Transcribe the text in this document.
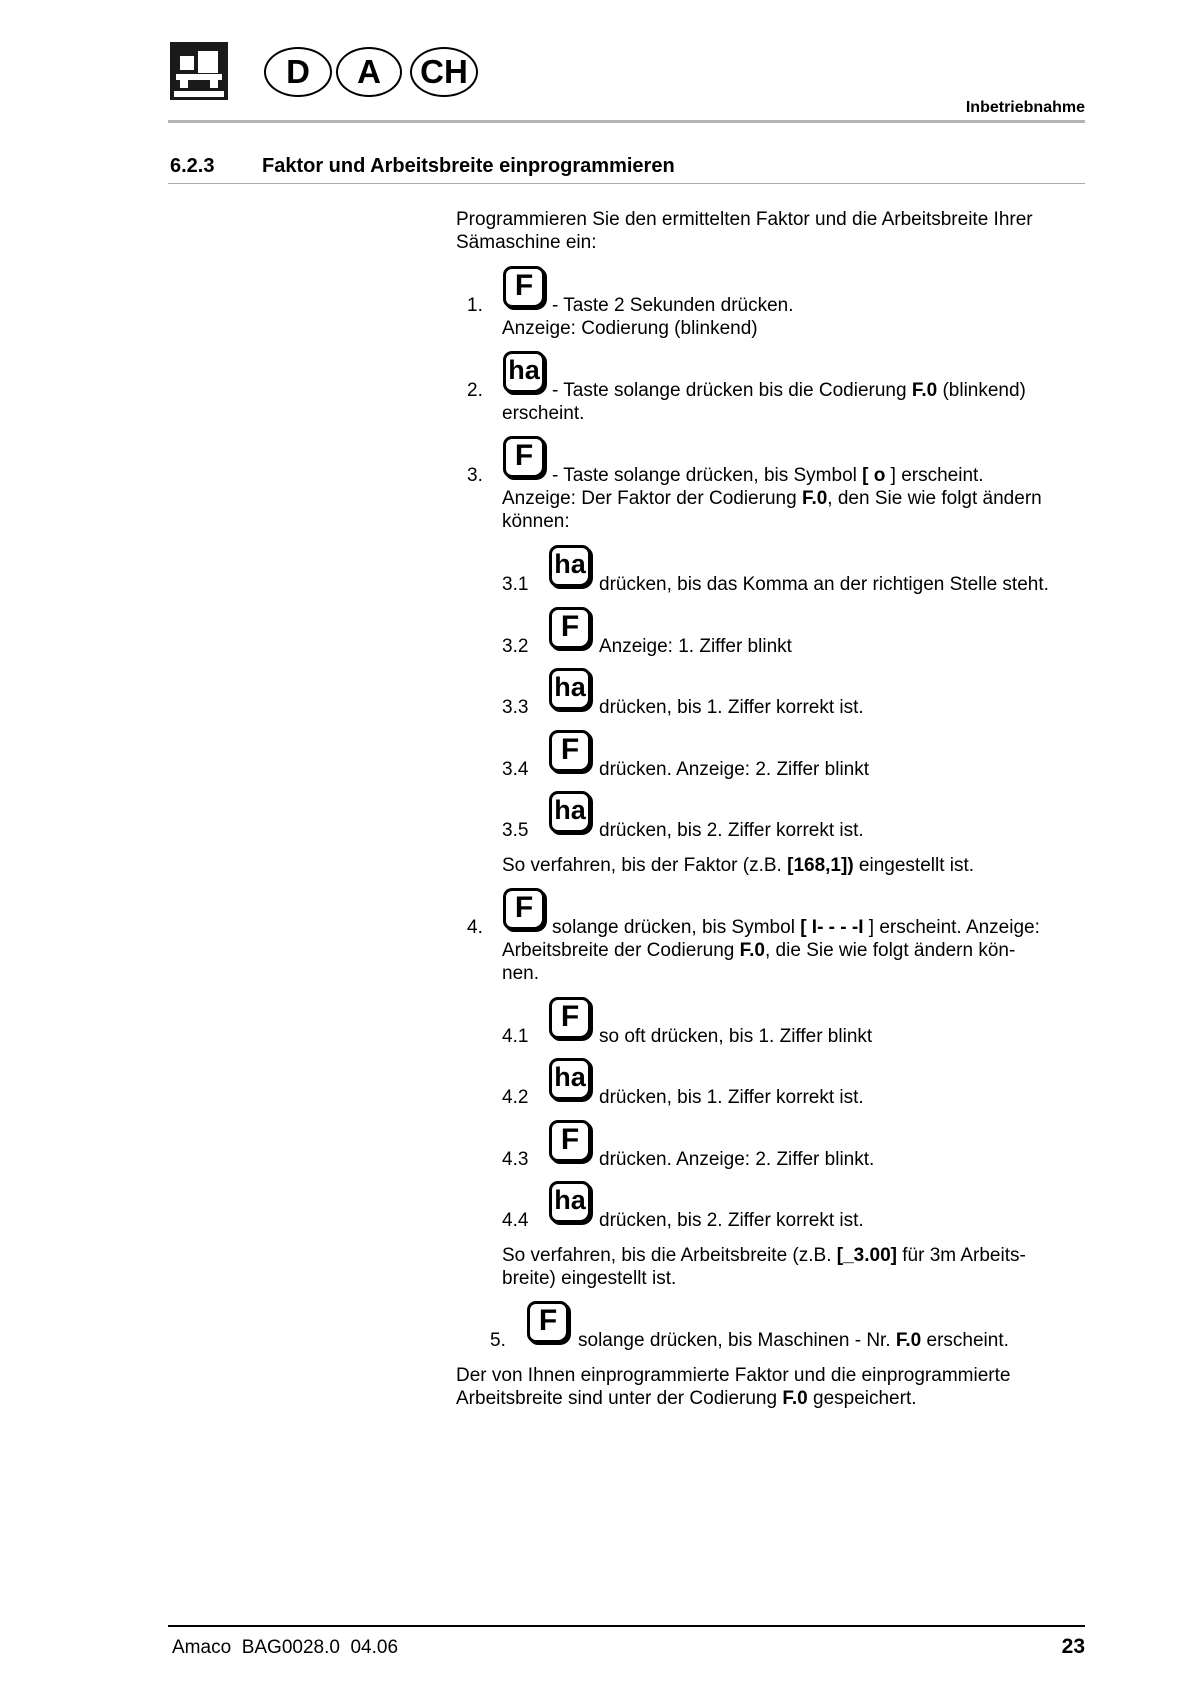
D	A	CH
Inbetriebnahme
6.2.3 Faktor und Arbeitsbreite einprogrammieren
Programmieren Sie den ermittelten Faktor und die Arbeitsbreite Ihrer
Sämaschine ein:
1.
F
- Taste 2 Sekunden drücken.
Anzeige: Codierung (blinkend)
2.
ha
- Taste solange drücken bis die Codierung F.0 (blinkend)
erscheint.
3.
F
- Taste solange drücken, bis Symbol [ o ] erscheint.
Anzeige: Der Faktor der Codierung F.0, den Sie wie folgt ändern
können:
3.1
ha
drücken, bis das Komma an der richtigen Stelle steht.
3.2
F
Anzeige: 1. Ziffer blinkt
3.3
ha
drücken, bis 1. Ziffer korrekt ist.
3.4
F
drücken. Anzeige: 2. Ziffer blinkt
3.5
ha
drücken, bis 2. Ziffer korrekt ist.
So verfahren, bis der Faktor (z.B. [168,1]) eingestellt ist.
4.
F
solange drücken, bis Symbol [ I- - - -I ] erscheint. Anzeige:
Arbeitsbreite der Codierung F.0, die Sie wie folgt ändern kön-
nen.
4.1
F
so oft drücken, bis 1. Ziffer blinkt
4.2
ha
drücken, bis 1. Ziffer korrekt ist.
4.3
F
drücken. Anzeige: 2. Ziffer blinkt.
4.4
ha
drücken, bis 2. Ziffer korrekt ist.
So verfahren, bis die Arbeitsbreite (z.B. [_3.00] für 3m Arbeits-
breite) eingestellt ist.
5.
F
solange drücken, bis Maschinen - Nr. F.0 erscheint.
Der von Ihnen einprogrammierte Faktor und die einprogrammierte
Arbeitsbreite sind unter der Codierung F.0 gespeichert.
Amaco  BAG0028.0  04.06	23
